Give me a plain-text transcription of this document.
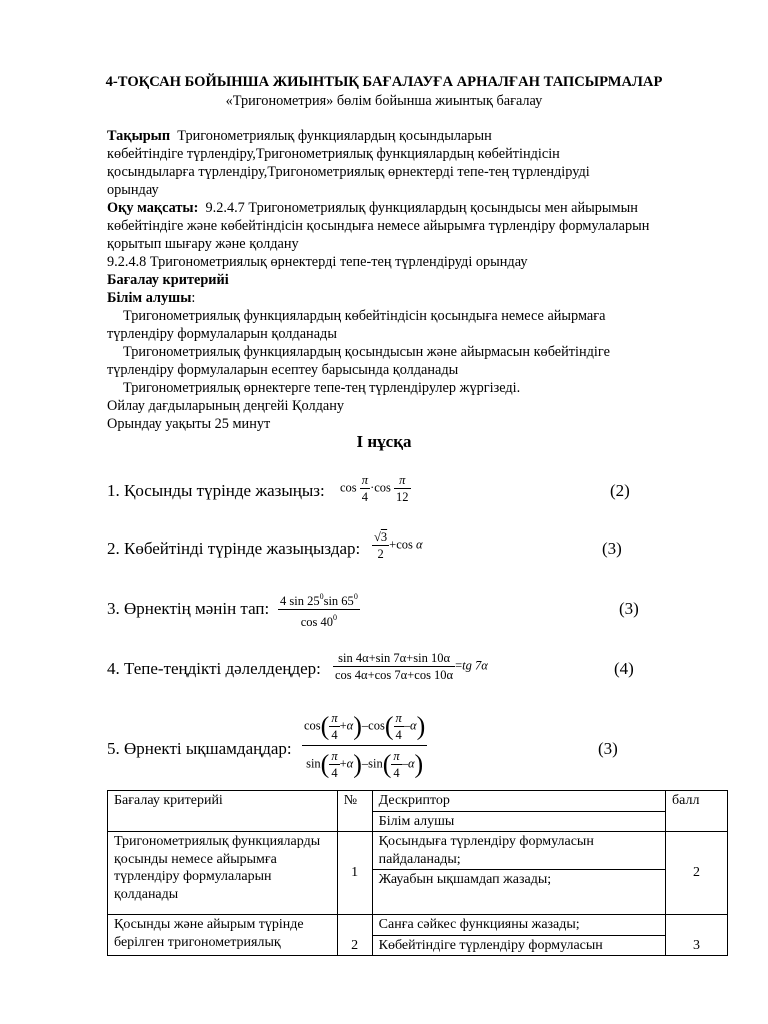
4-ТОҚСАН БОЙЫНША ЖИЫНТЫҚ БАҒАЛАУҒА АРНАЛҒАН ТАПСЫРМАЛАР
«Тригонометрия» бөлім бойынша жиынтық бағалау
Тақырып Тригонометриялық функциялардың қосындыларын
көбейтіндіге түрлендіру,Тригонометриялық функциялардың көбейтіндісін
қосындыларға түрлендіру,Тригонометриялық өрнектерді тепе-тең түрлендіруді
орындау
Оқу мақсаты: 9.2.4.7 Тригонометриялық функциялардың қосындысы мен айырымын
көбейтіндіге және көбейтіндісін қосындыға немесе айырымға түрлендіру формулаларын
қорытып шығару және қолдану
9.2.4.8 Тригонометриялық өрнектерді тепе-тең түрлендіруді орындау
Бағалау критерийі
Білім алушы:
Тригонометриялық функциялардың көбейтіндісін қосындыға немесе айырмаға
түрлендіру формулаларын қолданады
Тригонометриялық функциялардың қосындысын және айырмасын көбейтіндіге
түрлендіру формулаларын есептеу барысында қолданады
Тригонометриялық өрнектерге тепе-тең түрлендірулер жүргізеді.
Ойлау дағдыларының деңгейі Қолдану
Орындау уақыты 25 минут
І нұсқа
1. Қосынды түрінде жазыңыз: $\cos \frac{\pi}{4} \cdot\cos \frac{\pi}{12}$	(2)
2. Көбейтінді түрінде жазыңыздар: $\frac{√3}{2} +\cos$ α	(3)
3. Өрнектің мәнін тап: $\frac{4 \sin 25^0\sin 65^0}{\cos 40^0}$	(3)
4. Тепе-теңдікті дәлелдеңдер: $\frac{\sin 4\alpha+\sin 7\alpha+\sin 10\alpha}{\cos 4\alpha+\cos 7\alpha+\cos 10\alpha} =tg$ 7α	(4)
5. Өрнекті ықшамдаңдар: $\frac{\cos( \frac{\pi}{4} +\alpha)-\cos( \frac{\pi}{4} -\alpha)}{\sin( \frac{\pi}{4} +\alpha)-\sin( \frac{\pi}{4} -\alpha)}$	(3)
Бағалау критерийі	№	Дескриптор	балл
		Білім алушы	
Тригонометриялық функцияларды қосынды немесе айырымға түрлендіру формулаларын қолданады	1	Қосындыға түрлендіру формуласын пайдаланады;	2
		Жауабын ықшамдап жазады;	
Қосынды және айырым түрінде берілген тригонометриялық	2	Санға сәйкес функцияны жазады;	3
		Көбейтіндіге түрлендіру формуласын	
